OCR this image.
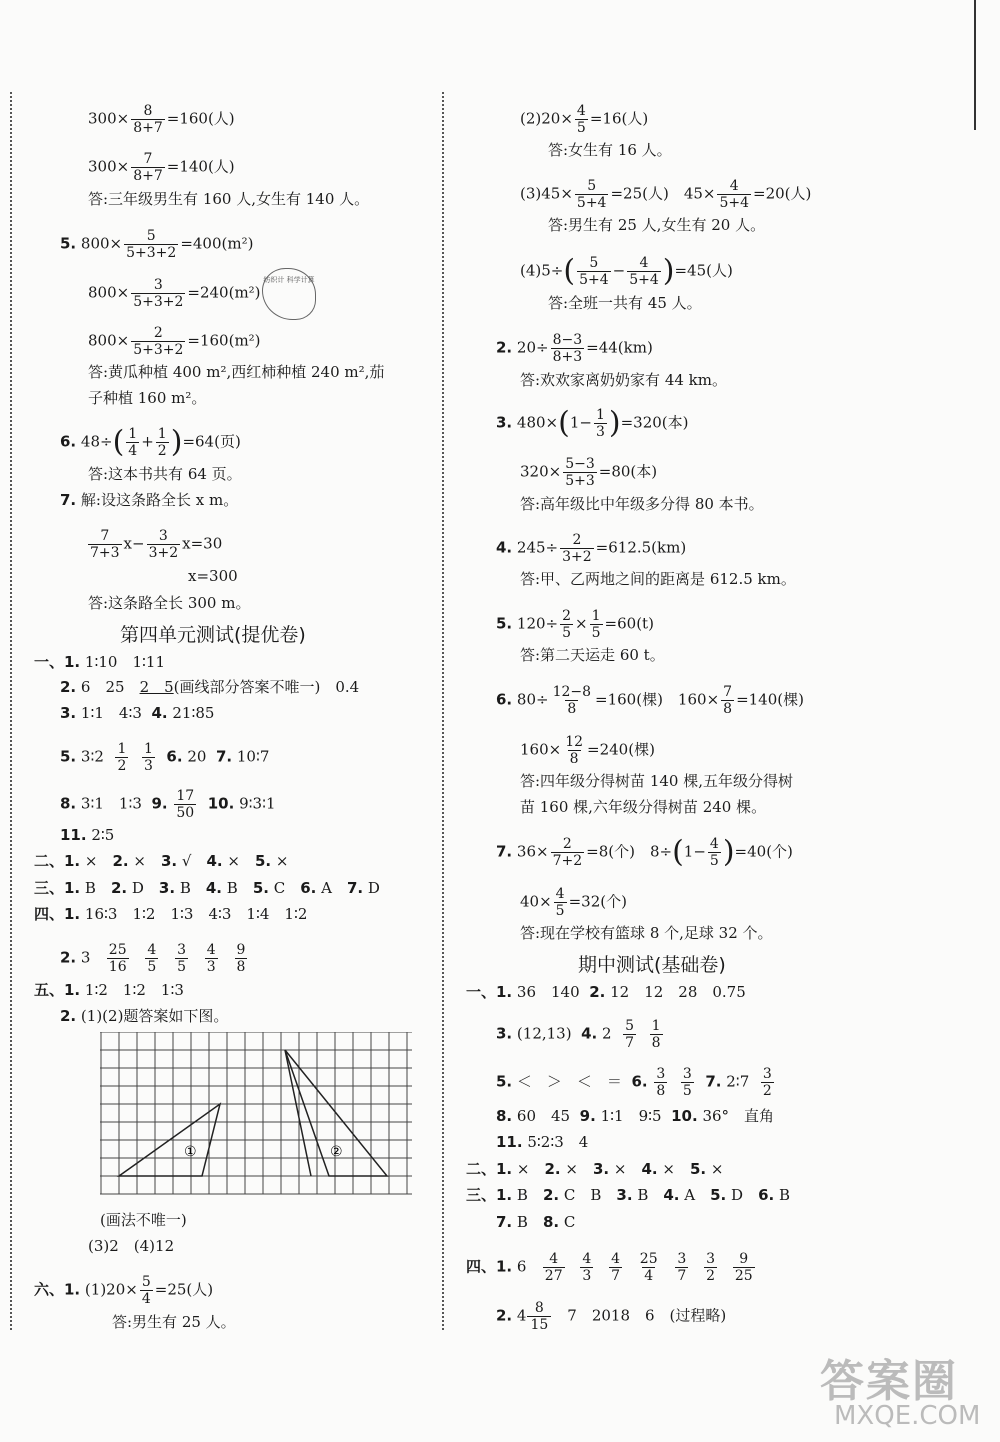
$300\times \frac{8}{8+7} =160$(人)
$300\times \frac{7}{8+7} =140$(人)
答:三年级男生有 160 人,女生有 140 人。
5. $800\times \frac{5}{5+3+2} =400(m^2)$
$800\times \frac{3}{5+3+2} =240(m^2)$
纺织计 科学计算
$800\times \frac{2}{5+3+2} =160(m^2)$
答:黄瓜种植 400 m²,西红柿种植 240 m²,茄
子种植 160 m²。
6. $48\div( \frac{1}{4} + \frac{1}{2} )=64$(页)
答:这本书共有 64 页。
7. 解:设这条路全长 x m。
$\frac{7}{7+3} x- \frac{3}{3+2} x=30$
x=300
答:这条路全长 300 m。
第四单元测试(提优卷)
一、1. 1∶10　1∶11
2. 6　25　2　5(画线部分答案不唯一)　0.4
3. 1∶1　4∶3 4. 21∶85
5. 3∶2 $\frac{1}{2}$
$\frac{1}{3} 6$. 20 7. 10∶7
8. 3∶1　1∶3 9. $\frac{17}{50} 10$. 9∶3∶1
11. 2∶5
二、1. ×　2. ×　3. √　4. ×　5. ×
三、1. B　2. D　3. B　4. B　5. C　6. A　7. D
四、1. 16∶3　1∶2　1∶3　4∶3　1∶4　1∶2
2. $3 \frac{25}{16}$
$\frac{4}{5}$
$\frac{3}{5}$
$\frac{4}{3}$
$\frac{9}{8}$
五、1. 1∶2　1∶2　1∶3
2. (1)(2)题答案如下图。
①	②
(画法不唯一)
(3)2　(4)12
六、1. $(1)20\times \frac{5}{4} =25$(人)
答:男生有 25 人。
$(2)20\times \frac{4}{5} =16$(人)
答:女生有 16 人。
$(3)45\times \frac{5}{5+4} =25$(人)　$45\times \frac{4}{5+4} =20$(人)
答:男生有 25 人,女生有 20 人。
$(4)5\div( \frac{5}{5+4} - \frac{4}{5+4} )=45$(人)
答:全班一共有 45 人。
2. $20\div \frac{8-3}{8+3} =44(km)$
答:欢欢家离奶奶家有 44 km。
3. $480\times(1- \frac{1}{3} )=320$(本)
$320\times \frac{5-3}{5+3} =80$(本)
答:高年级比中年级多分得 80 本书。
4. $245\div \frac{2}{3+2} =612.5(km)$
答:甲、乙两地之间的距离是 612.5 km。
5. $120\div \frac{2}{5} \times \frac{1}{5} =60(t)$
答:第二天运走 60 t。
6. $80\div \frac{12-8}{8} =160$(棵)　$160\times \frac{7}{8} =140$(棵)
$160\times \frac{12}{8} =240$(棵)
答:四年级分得树苗 140 棵,五年级分得树
苗 160 棵,六年级分得树苗 240 棵。
7. $36\times \frac{2}{7+2} =8$(个)　$8\div(1- \frac{4}{5} )=40$(个)
$40\times \frac{4}{5} =32$(个)
答:现在学校有篮球 8 个,足球 32 个。
期中测试(基础卷)
一、1. 36　140 2. 12　12　28　0.75
3. (12,13) 4. $2 \frac{5}{7}$
$\frac{1}{8}$
5. ＜　＞　＜　＝ 6. $\frac{3}{8}$
$\frac{3}{5} 7$. 2∶7 $\frac{3}{2}$
8. 60　45 9. 1∶1　9∶5 10. 36°　直角
11. 5∶2∶3　4
二、1. ×　2. ×　3. ×　4. ×　5. ×
三、1. B　2. C　B　3. B　4. A　5. D　6. B
7. B　8. C
四、1. $6 \frac{4}{27}$
$\frac{4}{3}$
$\frac{4}{7}$
$\frac{25}{4}$
$\frac{3}{7}$
$\frac{3}{2}$
$\frac{9}{25}$
2. $4 \frac{8}{15}$ 　7　2018　6　(过程略)
答案圈
MXQE.COM
